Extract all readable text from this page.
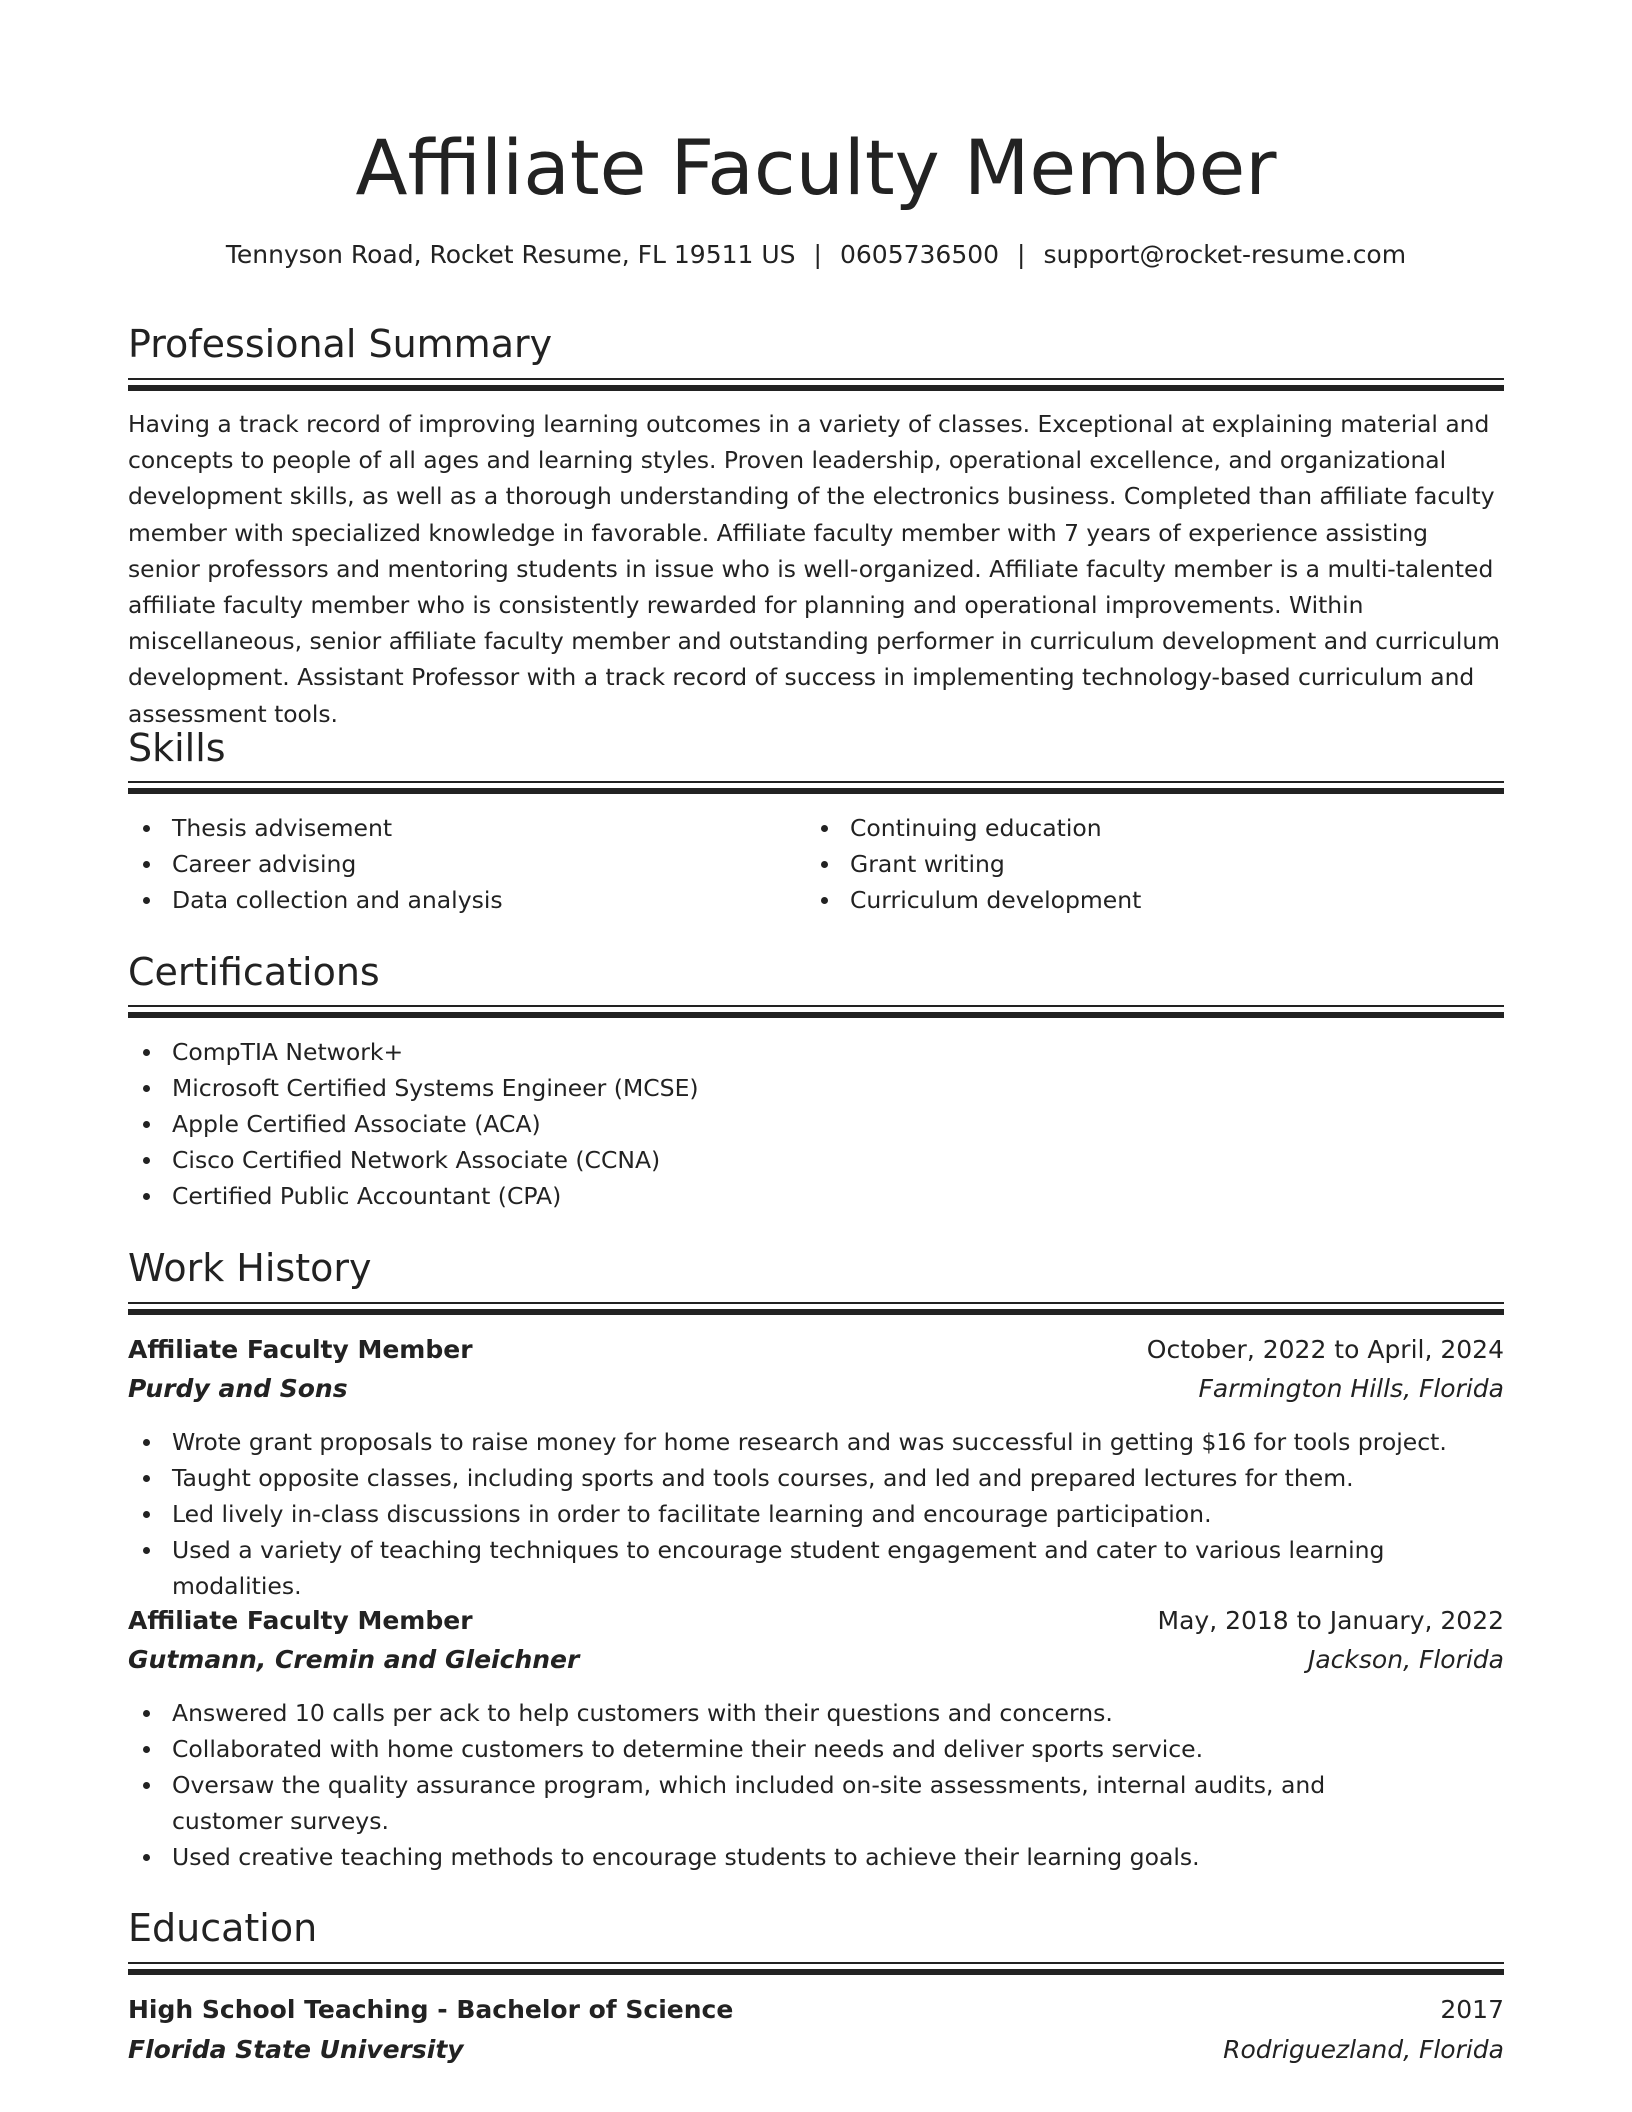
Affiliate Faculty Member
Tennyson Road, Rocket Resume, FL 19511 US | 0605736500 | support@rocket-resume.com
Professional Summary

Having a track record of improving learning outcomes in a variety of classes. Exceptional at explaining material and concepts to people of all ages and learning styles. Proven leadership, operational excellence, and organizational development skills, as well as a thorough understanding of the electronics business. Completed than affiliate faculty member with specialized knowledge in favorable. Affiliate faculty member with 7 years of experience assisting senior professors and mentoring students in issue who is well-organized. Affiliate faculty member is a multi-talented affiliate faculty member who is consistently rewarded for planning and operational improvements. Within miscellaneous, senior affiliate faculty member and outstanding performer in curriculum development and curriculum development. Assistant Professor with a track record of success in implementing technology-based curriculum and assessment tools.

Skills
Thesis advisement
Career advising
Data collection and analysis
Continuing education
Grant writing
Curriculum development
Certifications
CompTIA Network+
Microsoft Certified Systems Engineer (MCSE)
Apple Certified Associate (ACA)
Cisco Certified Network Associate (CCNA)
Certified Public Accountant (CPA)
Work History
Affiliate Faculty Member	October, 2022 to April, 2024
Purdy and Sons	Farmington Hills, Florida
Wrote grant proposals to raise money for home research and was successful in getting $16 for tools project.
Taught opposite classes, including sports and tools courses, and led and prepared lectures for them.
Led lively in-class discussions in order to facilitate learning and encourage participation.
Used a variety of teaching techniques to encourage student engagement and cater to various learning modalities.
Affiliate Faculty Member	May, 2018 to January, 2022
Gutmann, Cremin and Gleichner	Jackson, Florida
Answered 10 calls per ack to help customers with their questions and concerns.
Collaborated with home customers to determine their needs and deliver sports service.
Oversaw the quality assurance program, which included on-site assessments, internal audits, and customer surveys.
Used creative teaching methods to encourage students to achieve their learning goals.
Education
High School Teaching - Bachelor of Science	2017
Florida State University	Rodriguezland, Florida
